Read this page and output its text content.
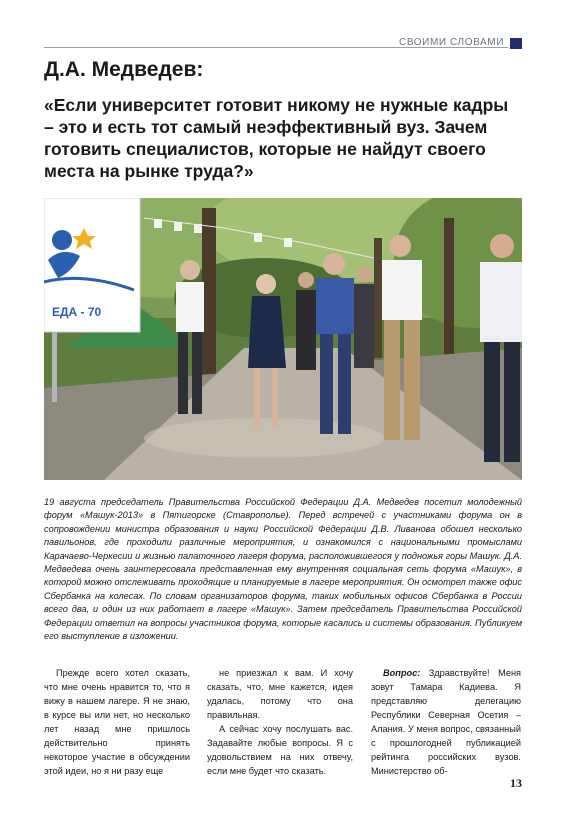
СВОИМИ СЛОВАМИ
Д.А. Медведев:
«Если университет готовит никому не нужные кадры – это и есть тот самый неэффективный вуз. Зачем готовить специалистов, которые не найдут своего места на рынке труда?»
ЕДА - 70
19 августа председатель Правительства Российской Федерации Д.А. Медведев посетил молодежный форум «Машук-2013» в Пятигорске (Ставрополье). Перед встречей с участниками форума он в сопровождении министра образования и науки Российской Федерации Д.В. Ливанова обошел несколько павильонов, где проходили различные мероприятия, и ознакомился с национальными промыслами Карачаево-Черкесии и жизнью палаточного лагеря форума, расположившегося у подножья горы Машук. Д.А. Медведева очень заинтересовала представленная ему внутренняя социальная сеть форума «Машук», в которой можно отслеживать проходящие и планируемые в лагере мероприятия. Он осмотрел также офис Сбербанка на колесах. По словам организаторов форума, таких мобильных офисов Сбербанка в России всего два, и один из них работает в лагере «Машук». Затем председатель Правительства Российской Федерации ответил на вопросы участников форума, которые касались и системы образования. Публикуем его выступление в изложении.

Прежде всего хотел сказать, что мне очень нравится то, что я вижу в нашем лагере. Я не знаю, в курсе вы или нет, но несколько лет назад мне пришлось действительно принять некоторое участие в обсуждении этой идеи, но я ни разу еще

не приезжал к вам. И хочу сказать, что, мне кажется, идея удалась, потому что она правильная.

А сейчас хочу послушать вас. Задавайте любые вопросы. Я с удовольствием на них отвечу, если мне будет что сказать.

Вопрос: Здравствуйте! Меня зовут Тамара Кадиева. Я представляю делегацию Республики Северная Осетия – Алания. У меня вопрос, связанный с прошлогодней публикацией рейтинга российских вузов. Министерство об-

13
